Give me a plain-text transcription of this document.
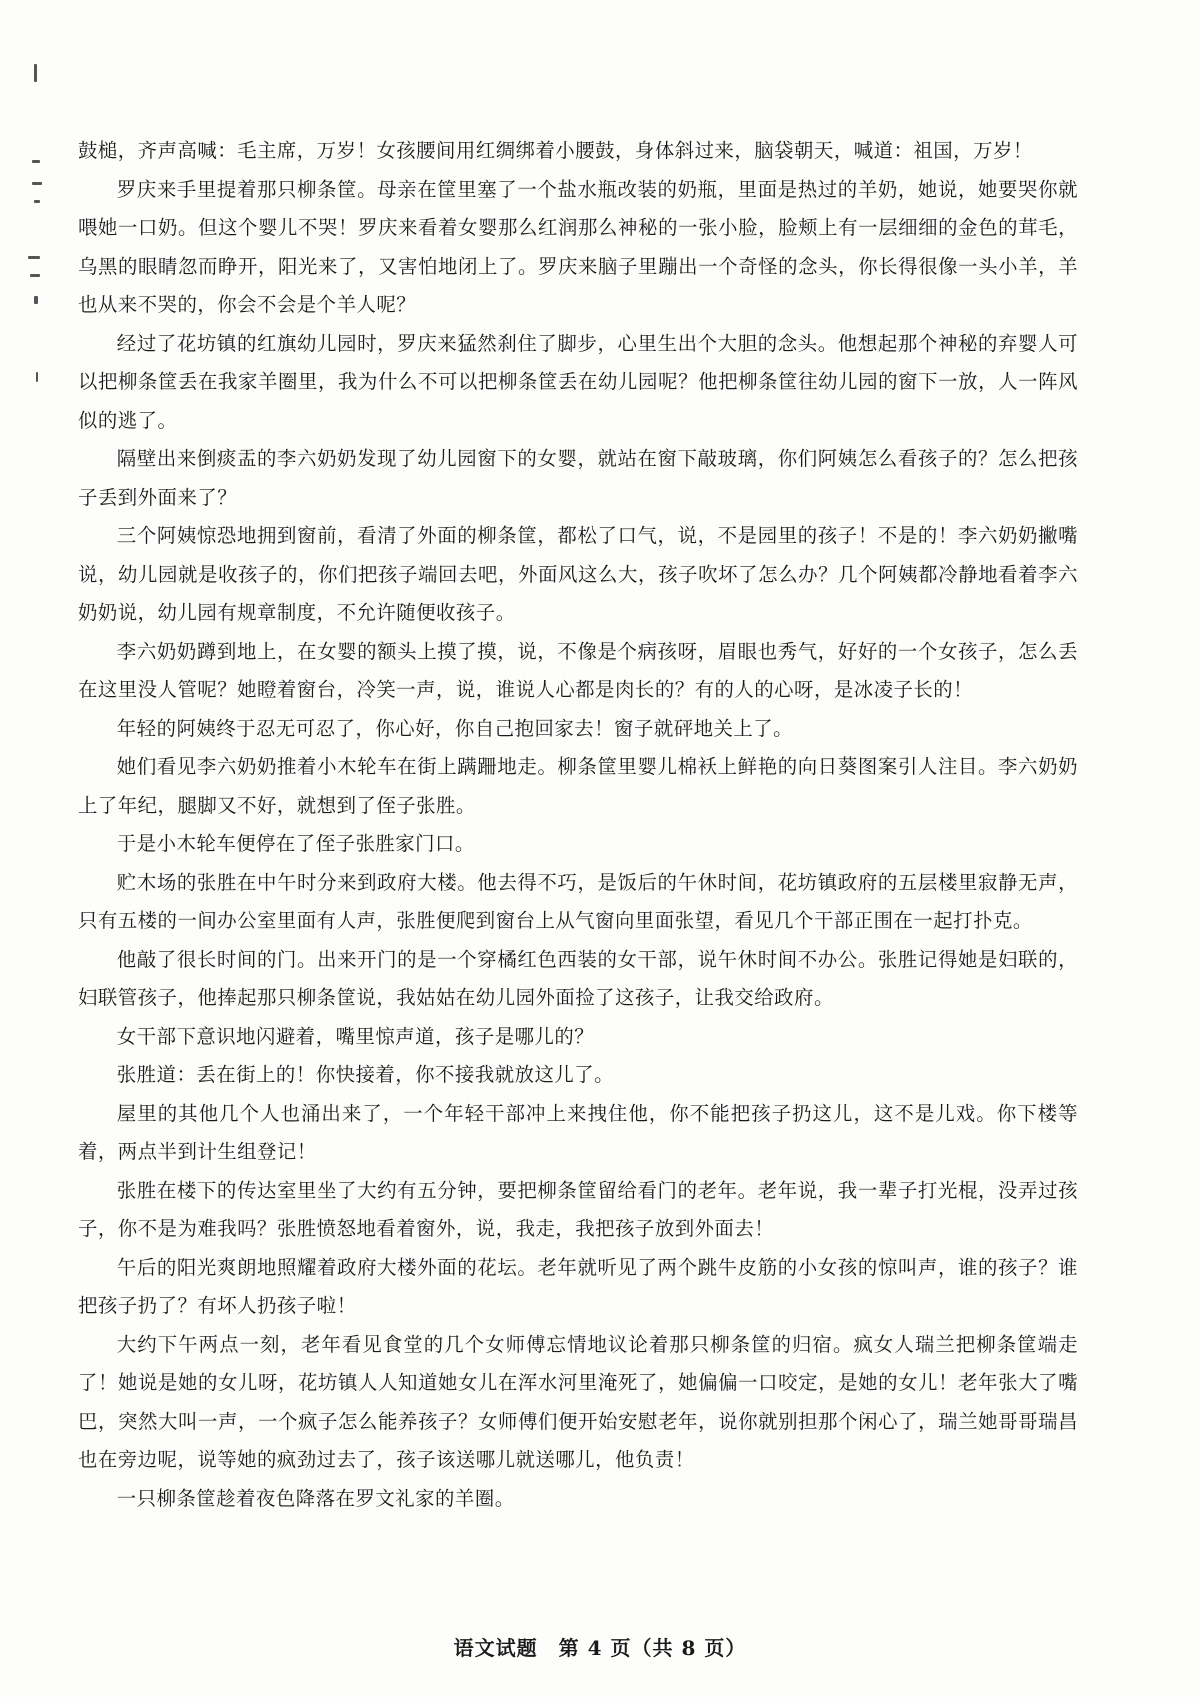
鼓槌，齐声高喊：毛主席，万岁！女孩腰间用红绸绑着小腰鼓，身体斜过来，脑袋朝天，喊道：祖国，万岁！

罗庆来手里提着那只柳条筐。母亲在筐里塞了一个盐水瓶改装的奶瓶，里面是热过的羊奶，她说，她要哭你就喂她一口奶。但这个婴儿不哭！罗庆来看着女婴那么红润那么神秘的一张小脸，脸颊上有一层细细的金色的茸毛，乌黑的眼睛忽而睁开，阳光来了，又害怕地闭上了。罗庆来脑子里蹦出一个奇怪的念头，你长得很像一头小羊，羊也从来不哭的，你会不会是个羊人呢？

经过了花坊镇的红旗幼儿园时，罗庆来猛然刹住了脚步，心里生出个大胆的念头。他想起那个神秘的弃婴人可以把柳条筐丢在我家羊圈里，我为什么不可以把柳条筐丢在幼儿园呢？他把柳条筐往幼儿园的窗下一放，人一阵风似的逃了。

隔壁出来倒痰盂的李六奶奶发现了幼儿园窗下的女婴，就站在窗下敲玻璃，你们阿姨怎么看孩子的？怎么把孩子丢到外面来了？

三个阿姨惊恐地拥到窗前，看清了外面的柳条筐，都松了口气，说，不是园里的孩子！不是的！李六奶奶撇嘴说，幼儿园就是收孩子的，你们把孩子端回去吧，外面风这么大，孩子吹坏了怎么办？几个阿姨都冷静地看着李六奶奶说，幼儿园有规章制度，不允许随便收孩子。

李六奶奶蹲到地上，在女婴的额头上摸了摸，说，不像是个病孩呀，眉眼也秀气，好好的一个女孩子，怎么丢在这里没人管呢？她瞪着窗台，冷笑一声，说，谁说人心都是肉长的？有的人的心呀，是冰凌子长的！

年轻的阿姨终于忍无可忍了，你心好，你自己抱回家去！窗子就砰地关上了。

她们看见李六奶奶推着小木轮车在街上蹒跚地走。柳条筐里婴儿棉袄上鲜艳的向日葵图案引人注目。李六奶奶上了年纪，腿脚又不好，就想到了侄子张胜。

于是小木轮车便停在了侄子张胜家门口。

贮木场的张胜在中午时分来到政府大楼。他去得不巧，是饭后的午休时间，花坊镇政府的五层楼里寂静无声，只有五楼的一间办公室里面有人声，张胜便爬到窗台上从气窗向里面张望，看见几个干部正围在一起打扑克。

他敲了很长时间的门。出来开门的是一个穿橘红色西装的女干部，说午休时间不办公。张胜记得她是妇联的，妇联管孩子，他捧起那只柳条筐说，我姑姑在幼儿园外面捡了这孩子，让我交给政府。

女干部下意识地闪避着，嘴里惊声道，孩子是哪儿的？

张胜道：丢在街上的！你快接着，你不接我就放这儿了。

屋里的其他几个人也涌出来了，一个年轻干部冲上来拽住他，你不能把孩子扔这儿，这不是儿戏。你下楼等着，两点半到计生组登记！

张胜在楼下的传达室里坐了大约有五分钟，要把柳条筐留给看门的老年。老年说，我一辈子打光棍，没弄过孩子，你不是为难我吗？张胜愤怒地看着窗外，说，我走，我把孩子放到外面去！

午后的阳光爽朗地照耀着政府大楼外面的花坛。老年就听见了两个跳牛皮筋的小女孩的惊叫声，谁的孩子？谁把孩子扔了？有坏人扔孩子啦！

大约下午两点一刻，老年看见食堂的几个女师傅忘情地议论着那只柳条筐的归宿。疯女人瑞兰把柳条筐端走了！她说是她的女儿呀，花坊镇人人知道她女儿在浑水河里淹死了，她偏偏一口咬定，是她的女儿！老年张大了嘴巴，突然大叫一声，一个疯子怎么能养孩子？女师傅们便开始安慰老年，说你就别担那个闲心了，瑞兰她哥哥瑞昌也在旁边呢，说等她的疯劲过去了，孩子该送哪儿就送哪儿，他负责！

一只柳条筐趁着夜色降落在罗文礼家的羊圈。

语文试题　第 4 页（共 8 页）
